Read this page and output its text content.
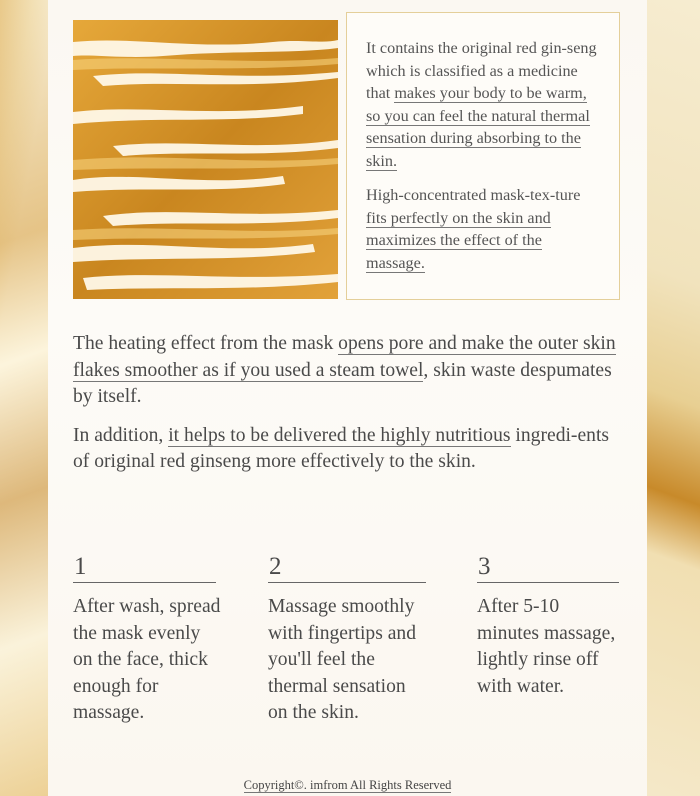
It contains the original red gin-seng which is classified as a medicine that makes your body to be warm, so you can feel the natural thermal sensation during absorbing to the skin.

High-concentrated mask-tex-ture fits perfectly on the skin and maximizes the effect of the massage.

The heating effect from the mask opens pore and make the outer skin flakes smoother as if you used a steam towel, skin waste despumates by itself.

In addition, it helps to be delivered the highly nutritious ingredi-ents of original red ginseng more effectively to the skin.

1
After wash, spread the mask evenly on the face, thick enough for massage.
2
Massage smoothly with fingertips and you'll feel the thermal sensation on the skin.
3
After 5-10 minutes massage, lightly rinse off with water.
Copyright©. imfrom All Rights Reserved
